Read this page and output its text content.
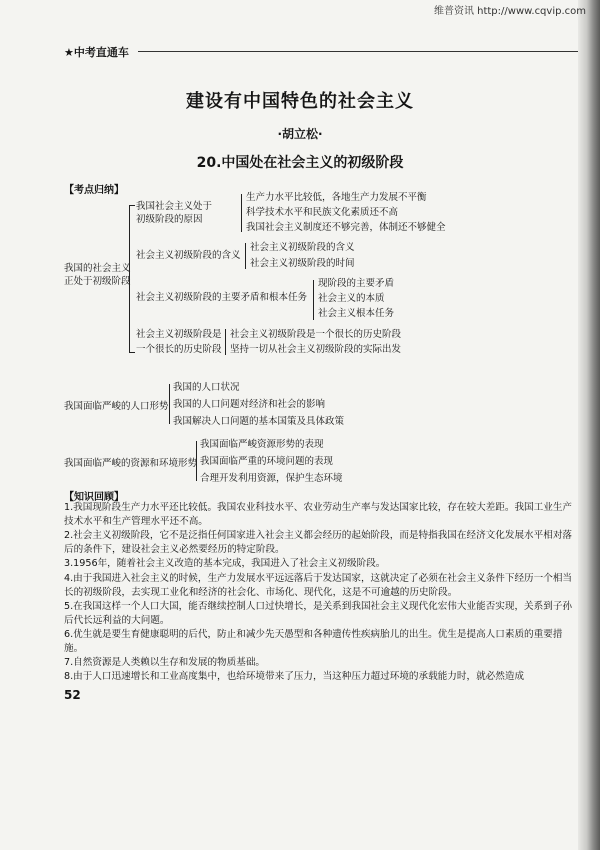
维普资讯 http://www.cqvip.com
★中考直通车
建设有中国特色的社会主义
·胡立松·
20.中国处在社会主义的初级阶段
【考点归纳】
我国的社会主义
正处于初级阶段
我国社会主义处于
初级阶段的原因
生产力水平比较低，各地生产力发展不平衡
科学技术水平和民族文化素质还不高
我国社会主义制度还不够完善，体制还不够健全
社会主义初级阶段的含义
社会主义初级阶段的含义
社会主义初级阶段的时间
社会主义初级阶段的主要矛盾和根本任务
现阶段的主要矛盾
社会主义的本质
社会主义根本任务
社会主义初级阶段是
一个很长的历史阶段
社会主义初级阶段是一个很长的历史阶段
坚持一切从社会主义初级阶段的实际出发
我国面临严峻的人口形势
我国的人口状况
我国的人口问题对经济和社会的影响
我国解决人口问题的基本国策及具体政策
我国面临严峻的资源和环境形势
我国面临严峻资源形势的表现
我国面临严重的环境问题的表现
合理开发利用资源，保护生态环境
【知识回顾】
1.我国现阶段生产力水平还比较低。我国农业科技水平、农业劳动生产率与发达国家比较，存在较大差距。我国工业生产技术水平和生产管理水平还不高。
2.社会主义初级阶段，它不是泛指任何国家进入社会主义都会经历的起始阶段，而是特指我国在经济文化发展水平相对落后的条件下，建设社会主义必然要经历的特定阶段。
3.1956年，随着社会主义改造的基本完成，我国进入了社会主义初级阶段。
4.由于我国进入社会主义的时候，生产力发展水平远远落后于发达国家，这就决定了必须在社会主义条件下经历一个相当长的初级阶段，去实现工业化和经济的社会化、市场化、现代化，这是不可逾越的历史阶段。
5.在我国这样一个人口大国，能否继续控制人口过快增长，是关系到我国社会主义现代化宏伟大业能否实现，关系到子孙后代长远利益的大问题。
6.优生就是要生育健康聪明的后代，防止和减少先天愚型和各种遗传性疾病胎儿的出生。优生是提高人口素质的重要措施。
7.自然资源是人类赖以生存和发展的物质基础。
8.由于人口迅速增长和工业高度集中，也给环境带来了压力，当这种压力超过环境的承载能力时，就必然造成
52
